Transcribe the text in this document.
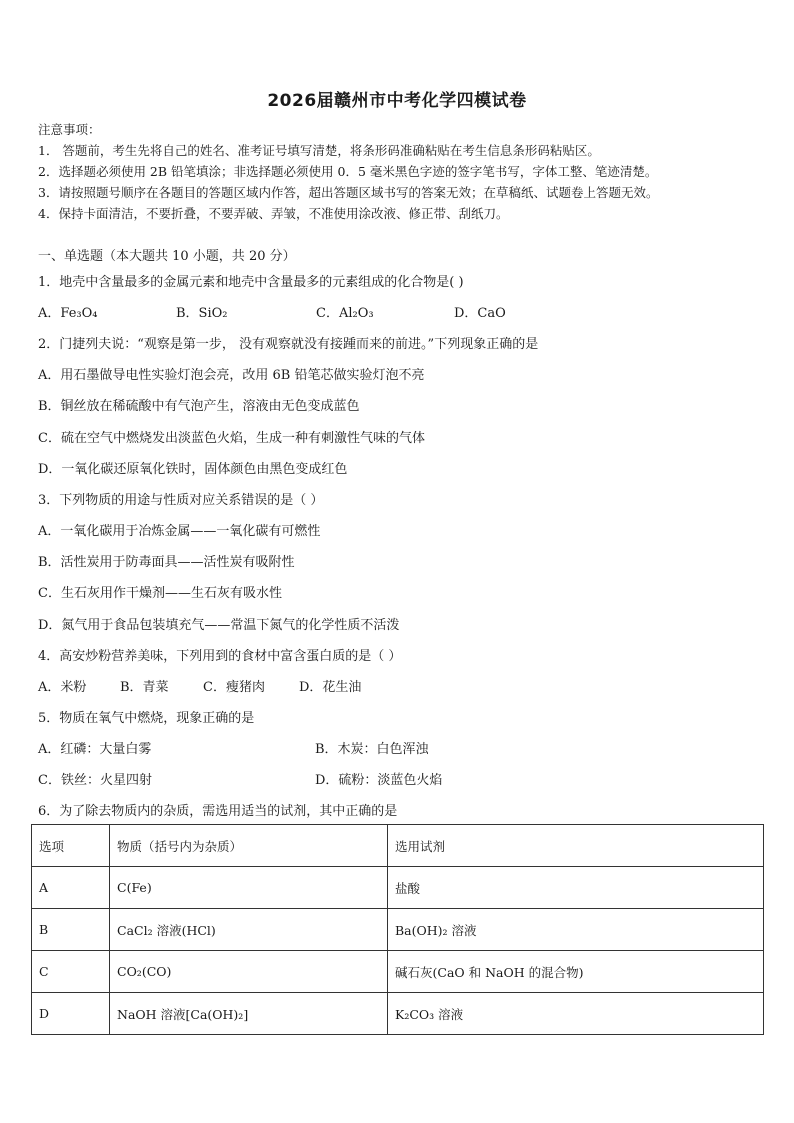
2026届赣州市中考化学四模试卷
注意事项：
1． 答题前，考生先将自己的姓名、准考证号填写清楚，将条形码准确粘贴在考生信息条形码粘贴区。
2．选择题必须使用 2B 铅笔填涂；非选择题必须使用 0．5 毫米黑色字迹的签字笔书写，字体工整、笔迹清楚。
3．请按照题号顺序在各题目的答题区域内作答，超出答题区域书写的答案无效；在草稿纸、试题卷上答题无效。
4．保持卡面清洁，不要折叠，不要弄破、弄皱，不准使用涂改液、修正带、刮纸刀。
一、单选题（本大题共 10 小题，共 20 分）
1．地壳中含量最多的金属元素和地壳中含量最多的元素组成的化合物是( )
A．Fe₃O₄	B．SiO₂	C．Al₂O₃	D．CaO
2．门捷列夫说：“观察是第一步， 没有观察就没有接踵而来的前进。”下列现象正确的是
A．用石墨做导电性实验灯泡会亮，改用 6B 铅笔芯做实验灯泡不亮
B．铜丝放在稀硫酸中有气泡产生，溶液由无色变成蓝色
C．硫在空气中燃烧发出淡蓝色火焰，生成一种有刺激性气味的气体
D．一氧化碳还原氧化铁时，固体颜色由黑色变成红色
3．下列物质的用途与性质对应关系错误的是（ ）
A．一氧化碳用于冶炼金属——一氧化碳有可燃性
B．活性炭用于防毒面具——活性炭有吸附性
C．生石灰用作干燥剂——生石灰有吸水性
D．氮气用于食品包装填充气——常温下氮气的化学性质不活泼
4．高安炒粉营养美味，下列用到的食材中富含蛋白质的是（ ）
A．米粉	B．青菜	C．瘦猪肉	D．花生油
5．物质在氧气中燃烧，现象正确的是
A．红磷：大量白雾	B．木炭：白色浑浊
C．铁丝：火星四射	D．硫粉：淡蓝色火焰
6．为了除去物质内的杂质，需选用适当的试剂，其中正确的是
选项	物质（括号内为杂质）	选用试剂
A	C(Fe)	盐酸
B	CaCl₂ 溶液(HCl)	Ba(OH)₂ 溶液
C	CO₂(CO)	碱石灰(CaO 和 NaOH 的混合物)
D	NaOH 溶液[Ca(OH)₂]	K₂CO₃ 溶液
